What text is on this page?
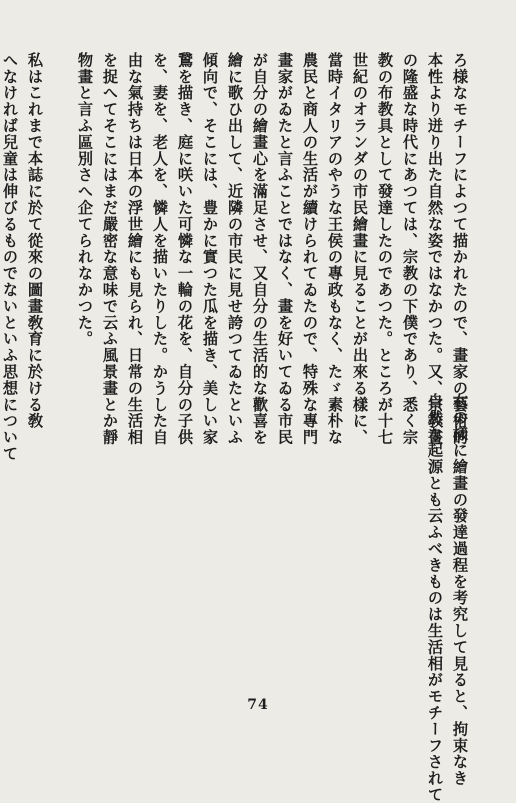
ろ様なモチーフによつて描かれたので、畫家の藝術的
本性より迸り出た自然な姿ではなかつた。又、宗教畫
の隆盛な時代にあつては、宗教の下僕であり、悉く宗
教の布教具として發達したのであつた。ところが十七
世紀のオランダの市民繪畫に見ることが出來る樣に、
當時イタリアのやうな王侯の專政もなく、たゞ素朴な
農民と商人の生活が續けられてゐたので、特殊な專門
畫家がゐたと言ふことではなく、畫を好いてゐる市民
が自分の繪畫心を滿足させ、又自分の生活的な歡喜を
繪に歌ひ出して、近隣の市民に見せ誇つてゐたといふ
傾向で、そこには、豊かに實つた瓜を描き、美しい家
鵞を描き、庭に咲いた可憐な一輪の花を、自分の子供
を、妻を、老人を、憐人を描いたりした。かうした自
由な氣持ちは日本の浮世繪にも見られ、日常の生活相
を捉へてそこにはまだ嚴密な意味で云ふ風景畫とか靜
物畫と言ふ區別さへ企てられなかつた。

私はこれまで本誌に於て從來の圖畫敎育に於ける敎
へなければ兒童は伸びるものでないといふ思想について

右の樣に繪畫の發達過程を考究して見ると、拘束なき
自然な起源とも云ふべきものは生活相がモチーフされて
74
